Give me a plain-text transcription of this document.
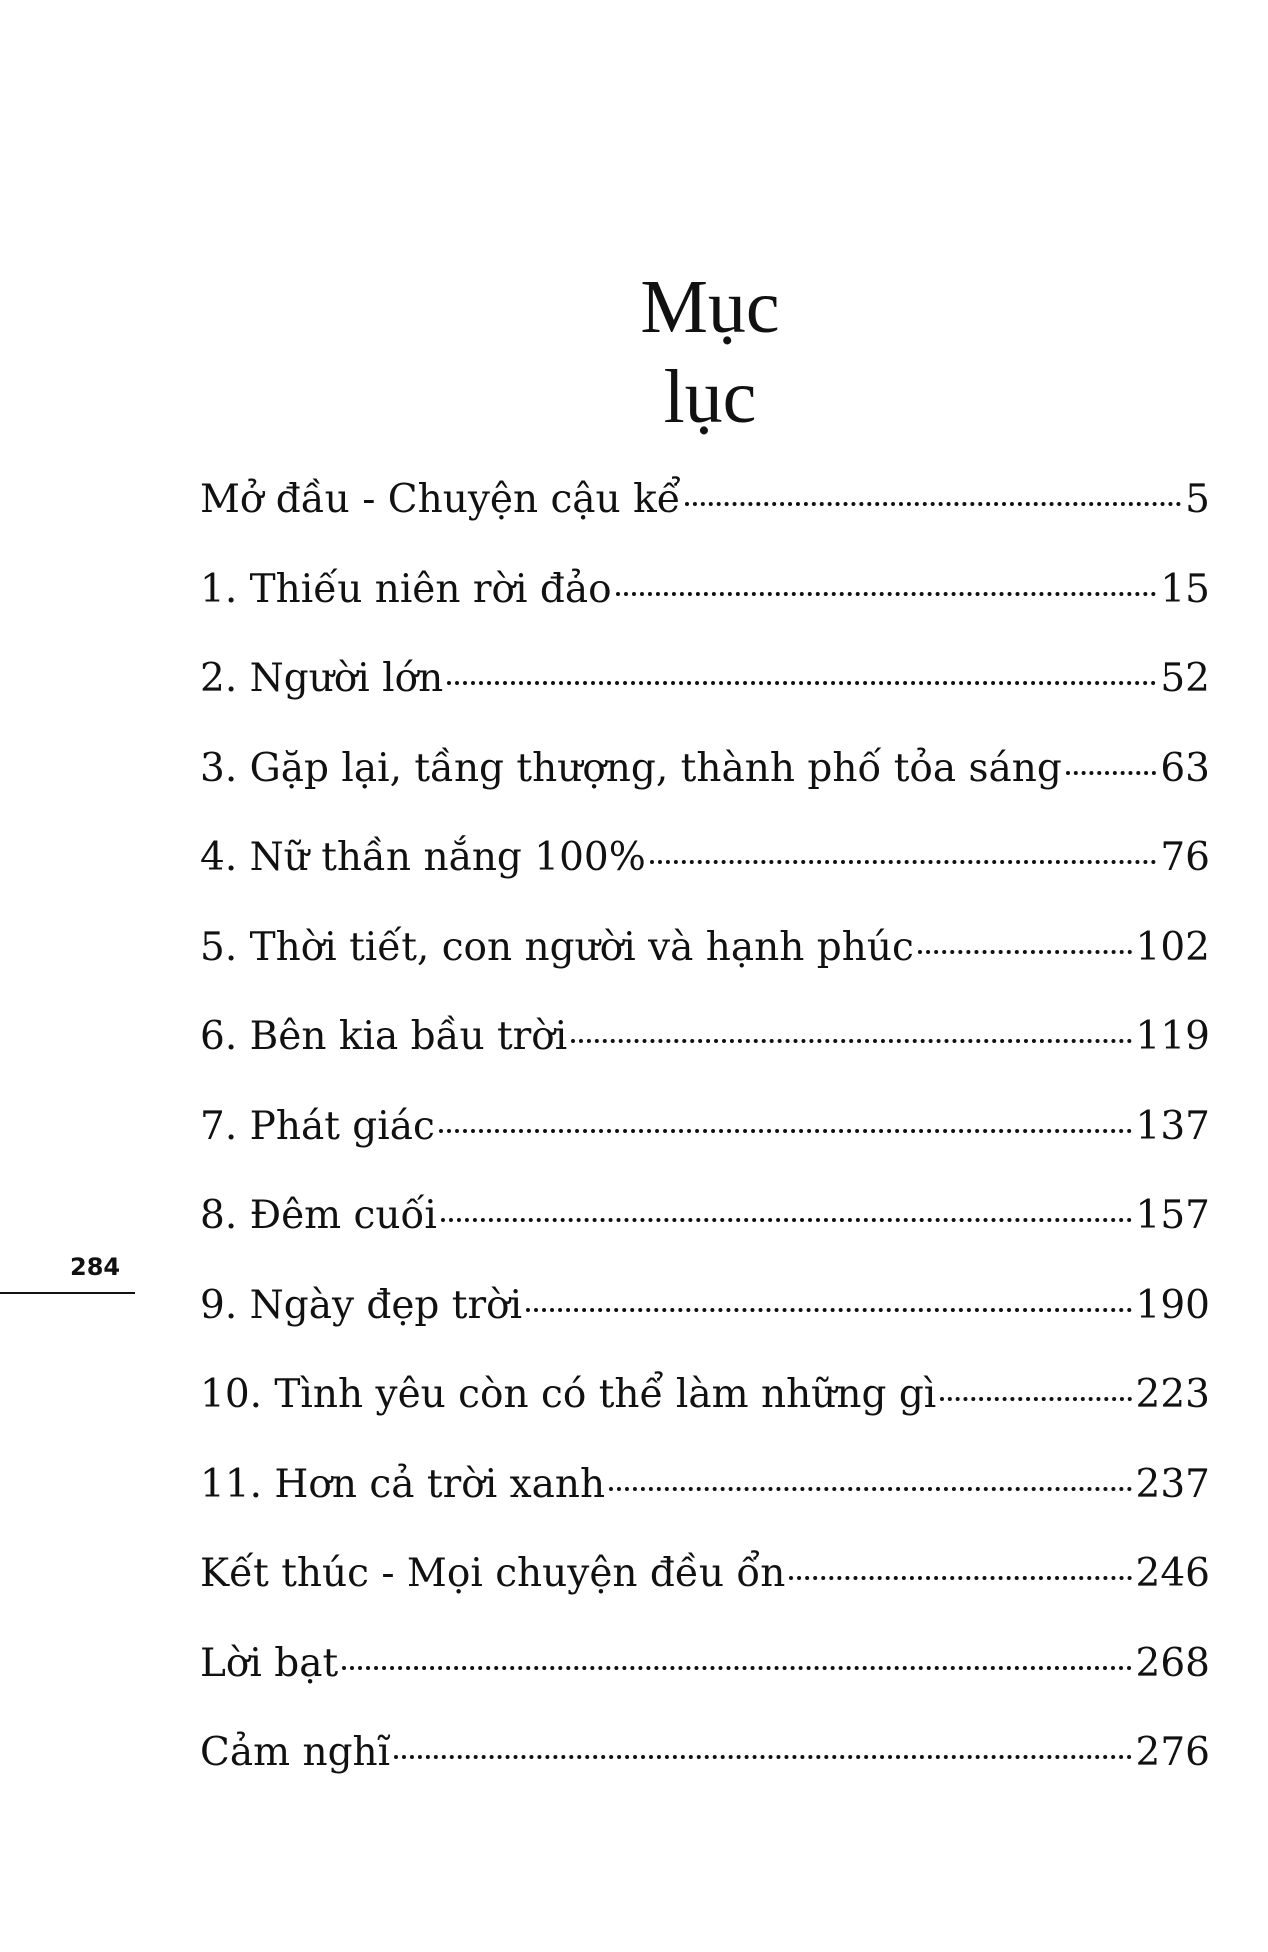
Mục lục
Mở đầu - Chuyện cậu kể	5
1. Thiếu niên rời đảo	15
2. Người lớn	52
3. Gặp lại, tầng thượng, thành phố tỏa sáng	63
4. Nữ thần nắng 100%	76
5. Thời tiết, con người và hạnh phúc	102
6. Bên kia bầu trời	119
7. Phát giác	137
8. Đêm cuối	157
9. Ngày đẹp trời	190
10. Tình yêu còn có thể làm những gì	223
11. Hơn cả trời xanh	237
Kết thúc - Mọi chuyện đều ổn	246
Lời bạt	268
Cảm nghĩ	276
284
